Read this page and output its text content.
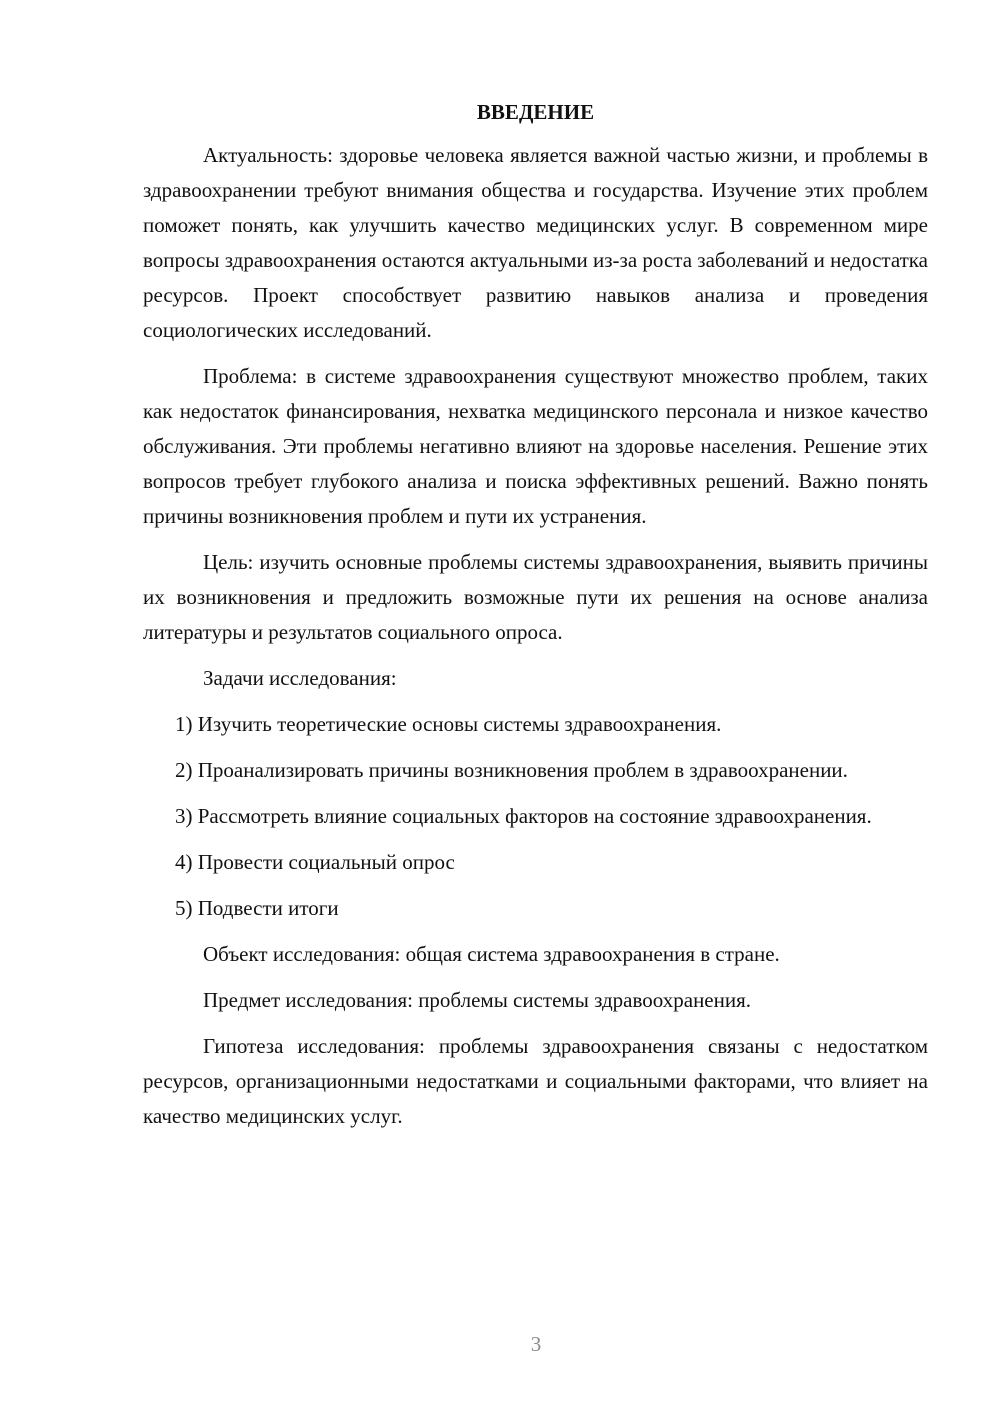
ВВЕДЕНИЕ

Актуальность: здоровье человека является важной частью жизни, и проблемы в здравоохранении требуют внимания общества и государства. Изучение этих проблем поможет понять, как улучшить качество медицинских услуг. В современном мире вопросы здравоохранения остаются актуальными из-за роста заболеваний и недостатка ресурсов. Проект способствует развитию навыков анализа и проведения социологических исследований.

Проблема: в системе здравоохранения существуют множество проблем, таких как недостаток финансирования, нехватка медицинского персонала и низкое качество обслуживания. Эти проблемы негативно влияют на здоровье населения. Решение этих вопросов требует глубокого анализа и поиска эффективных решений. Важно понять причины возникновения проблем и пути их устранения.

Цель: изучить основные проблемы системы здравоохранения, выявить причины их возникновения и предложить возможные пути их решения на основе анализа литературы и результатов социального опроса.

Задачи исследования:

1) Изучить теоретические основы системы здравоохранения.

2) Проанализировать причины возникновения проблем в здравоохранении.

3) Рассмотреть влияние социальных факторов на состояние здравоохранения.

4) Провести социальный опрос

5) Подвести итоги

Объект исследования: общая система здравоохранения в стране.

Предмет исследования: проблемы системы здравоохранения.

Гипотеза исследования: проблемы здравоохранения связаны с недостатком ресурсов, организационными недостатками и социальными факторами, что влияет на качество медицинских услуг.

3
